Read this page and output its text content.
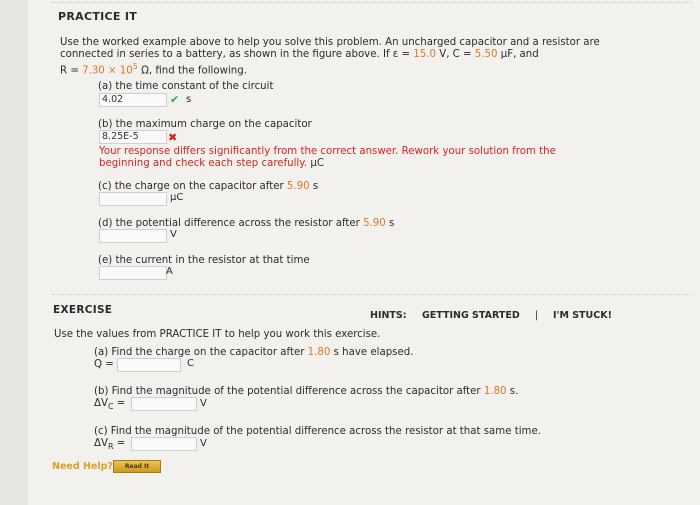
PRACTICE IT
Use the worked example above to help you solve this problem. An uncharged capacitor and a resistor are
connected in series to a battery, as shown in the figure above. If ε = 15.0 V, C = 5.50 μF, and
$R = 7.30 \times 10^5$ Ω, find the following.
(a) the time constant of the circuit
4.02	✔ s
(b) the maximum charge on the capacitor
8.25E-5	✖
Your response differs significantly from the correct answer. Rework your solution from the
beginning and check each step carefully. μC
(c) the charge on the capacitor after 5.90 s
μC
(d) the potential difference across the resistor after 5.90 s
V
(e) the current in the resistor at that time
A
EXERCISE	HINTS: GETTING STARTED | I'M STUCK!
Use the values from PRACTICE IT to help you work this exercise.
(a) Find the charge on the capacitor after 1.80 s have elapsed.
Q =	C
(b) Find the magnitude of the potential difference across the capacitor after 1.80 s.
$\Delta V_C$ =	V
(c) Find the magnitude of the potential difference across the resistor at that same time.
$\Delta V_R$ =	V
Need Help?	Read It
